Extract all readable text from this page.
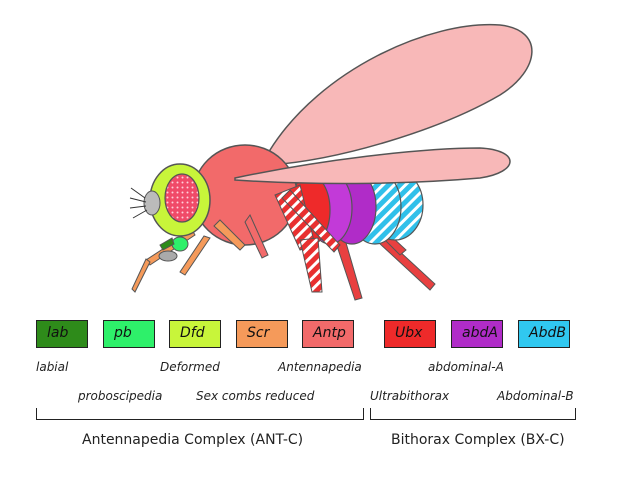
lab	pb	Dfd	Scr	Antp	Ubx	abdA	AbdB
labial
proboscipedia
Deformed
Sex combs reduced
Antennapedia
Ultrabithorax
abdominal-A
Abdominal-B
Antennapedia Complex (ANT-C)	Bithorax Complex (BX-C)
